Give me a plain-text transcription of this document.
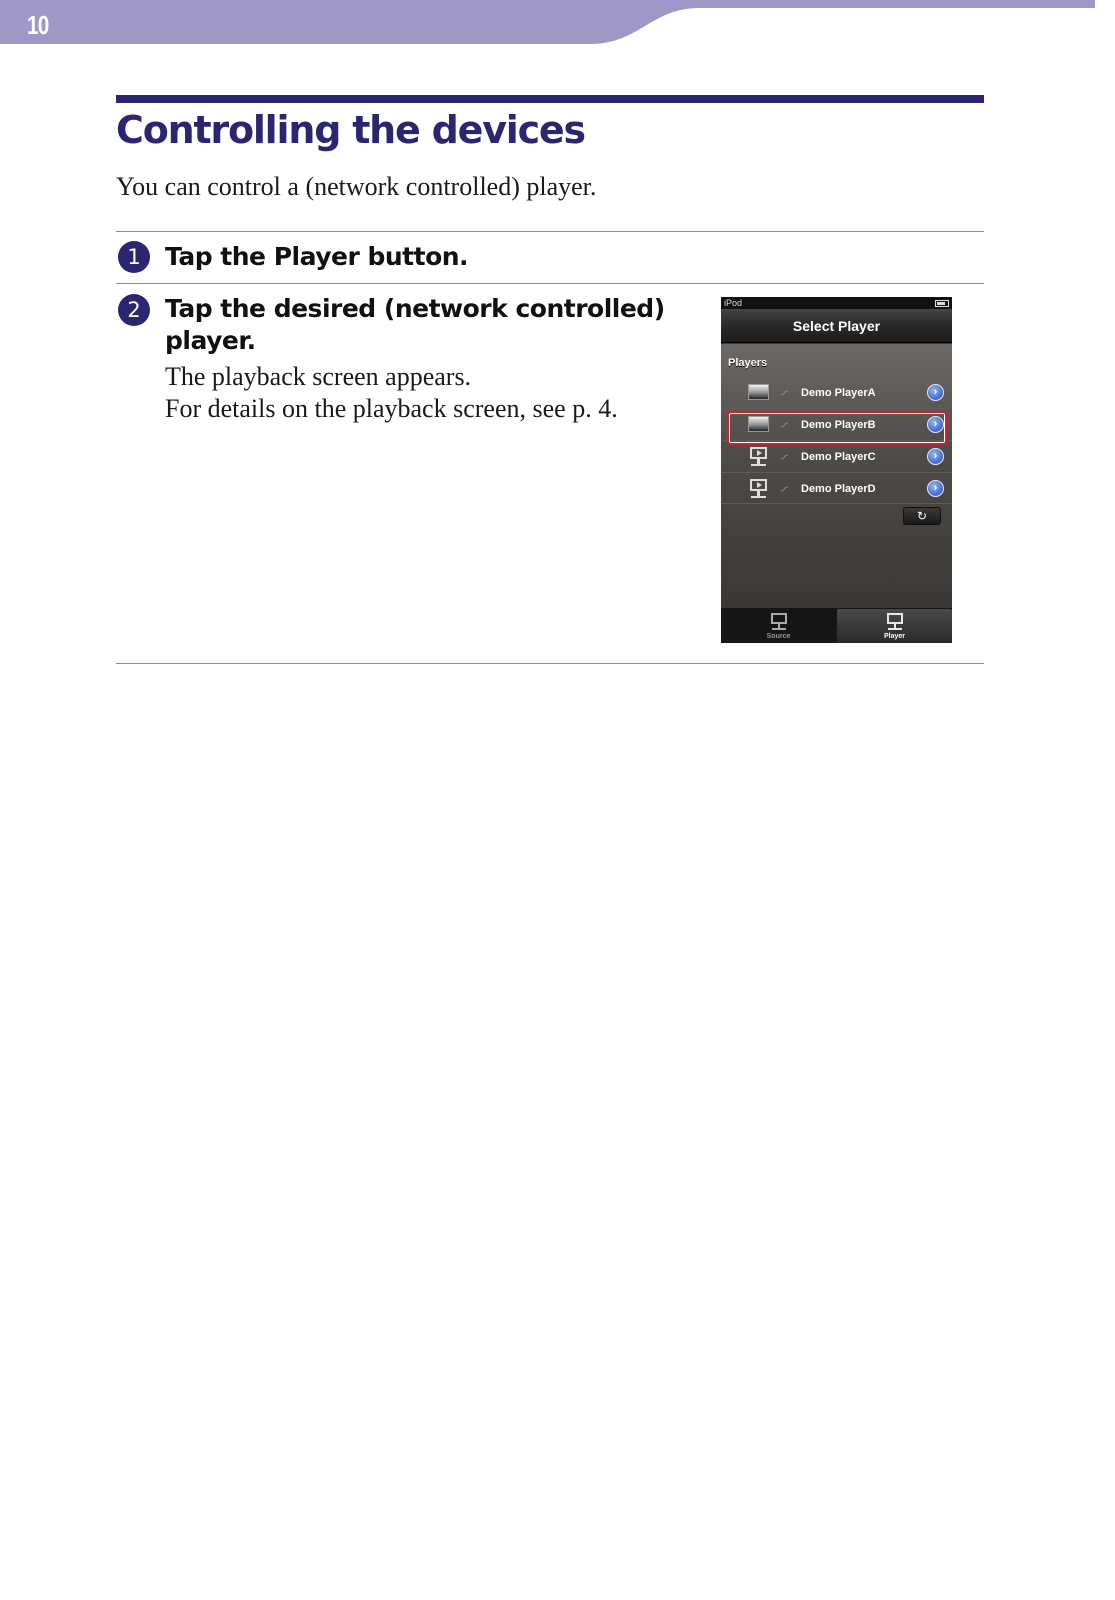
10
Controlling the devices

You can control a (network controlled) player.

1 Tap the Player button.
2 Tap the desired (network controlled)
player.
The playback screen appears.
For details on the playback screen, see p. 4.
iPod
Select Player
Players
∽ Demo PlayerA	›
∽ Demo PlayerB	›
∽ Demo PlayerC	›
∽ Demo PlayerD	›
↻
Source	Player
